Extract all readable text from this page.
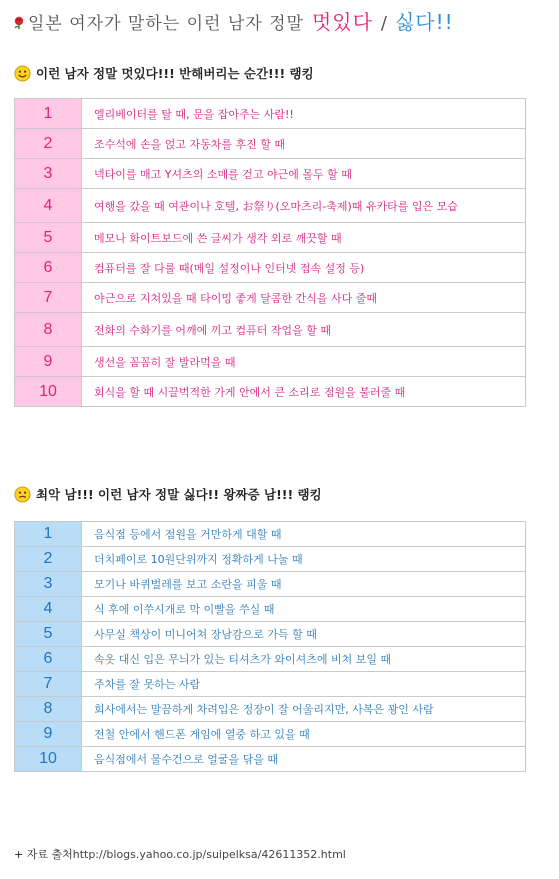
일본 여자가 말하는 이런 남자 정말 멋있다 / 싫다!!
이런 남자 정말 멋있다!!! 반해버리는 순간!!! 랭킹
1	엘리베이터를 탈 때, 문을 잡아주는 사람!!
2	조수석에 손을 얹고 자동차를 후진 할 때
3	넥타이를 매고 Y셔츠의 소매를 걷고 야근에 몰두 할 때
4	여행을 갔을 때 여관이나 호텔, お祭り(오마츠리-축제)때 유카타를 입은 모습
5	메모나 화이트보드에 쓴 글씨가 생각 외로 깨끗할 때
6	컴퓨터를 잘 다룰 때(메일 설정이나 인터넷 접속 설정 등)
7	야근으로 지쳐있을 때 타이밍 좋게 달콤한 간식을 사다 줄때
8	전화의 수화기를 어깨에 끼고 컴퓨터 작업을 할 때
9	생선을 꼼꼼히 잘 발라먹을 때
10	회식을 할 때 시끌벅적한 가게 안에서 큰 소리로 점원을 불러줄 때
최악 남!!! 이런 남자 정말 싫다!! 왕짜증 남!!! 랭킹
1	음식점 등에서 점원을 거만하게 대할 때
2	더치페이로 10원단위까지 정확하게 나눌 때
3	모기나 바퀴벌레를 보고 소란을 피울 때
4	식 후에 이쑤시개로 막 이빨을 쑤실 때
5	사무실 책상이 미니어쳐 장남감으로 가득 할 때
6	속옷 대신 입은 무늬가 있는 티셔츠가 와이셔츠에 비쳐 보일 때
7	주차를 잘 못하는 사람
8	회사에서는 말끔하게 차려입은 정장이 잘 어울리지만, 사복은 꽝인 사람
9	전철 안에서 핸드폰 게임에 열중 하고 있을 때
10	음식점에서 물수건으로 얼굴을 닦을 때
+ 자료 출처http://blogs.yahoo.co.jp/suipelksa/42611352.html
